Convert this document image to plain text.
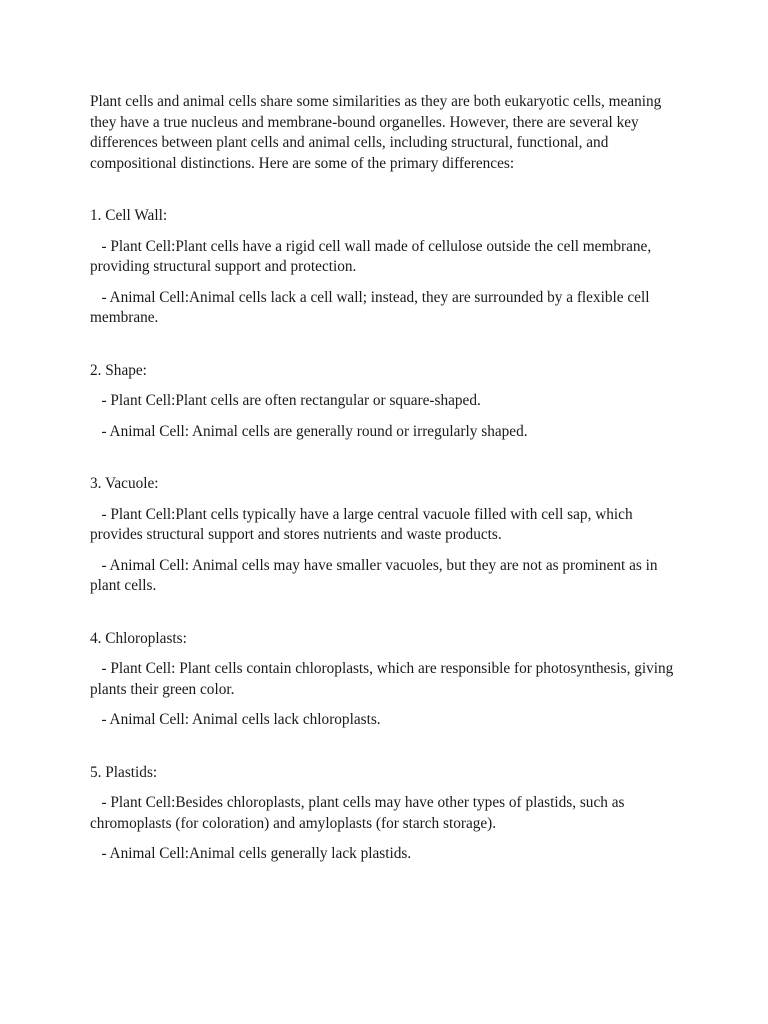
Plant cells and animal cells share some similarities as they are both eukaryotic cells, meaning they have a true nucleus and membrane-bound organelles. However, there are several key differences between plant cells and animal cells, including structural, functional, and compositional distinctions. Here are some of the primary differences:

1. Cell Wall:

- Plant Cell:Plant cells have a rigid cell wall made of cellulose outside the cell membrane, providing structural support and protection.

- Animal Cell:Animal cells lack a cell wall; instead, they are surrounded by a flexible cell membrane.

2. Shape:

- Plant Cell:Plant cells are often rectangular or square-shaped.

- Animal Cell: Animal cells are generally round or irregularly shaped.

3. Vacuole:

- Plant Cell:Plant cells typically have a large central vacuole filled with cell sap, which provides structural support and stores nutrients and waste products.

- Animal Cell: Animal cells may have smaller vacuoles, but they are not as prominent as in plant cells.

4. Chloroplasts:

- Plant Cell: Plant cells contain chloroplasts, which are responsible for photosynthesis, giving plants their green color.

- Animal Cell: Animal cells lack chloroplasts.

5. Plastids:

- Plant Cell:Besides chloroplasts, plant cells may have other types of plastids, such as chromoplasts (for coloration) and amyloplasts (for starch storage).

- Animal Cell:Animal cells generally lack plastids.
